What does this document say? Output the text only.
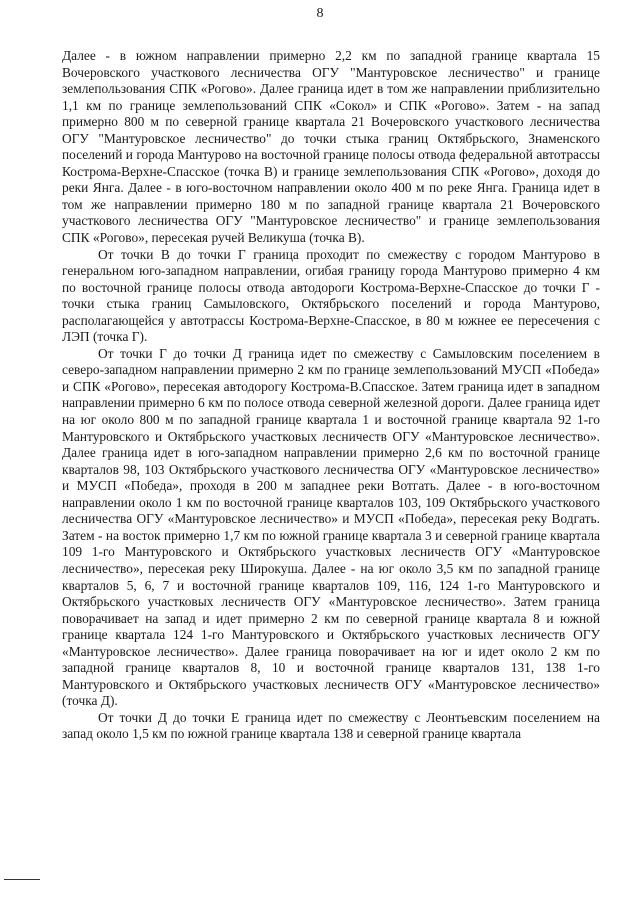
8

Далее - в южном направлении примерно 2,2 км по западной границе квартала 15 Вочеровского участкового лесничества ОГУ "Мантуровское лесничество" и границе землепользования СПК «Рогово». Далее граница идет в том же направлении приблизительно 1,1 км по границе землепользований СПК «Сокол» и СПК «Рогово». Затем - на запад примерно 800 м по северной границе квартала 21 Вочеровского участкового лесничества ОГУ "Мантуровское лесничество" до точки стыка границ Октябрьского, Знаменского поселений и города Мантурово на восточной границе полосы отвода федеральной автотрассы Кострома-Верхне-Спасское (точка В) и границе землепользования СПК «Рогово», доходя до реки Янга. Далее - в юго-восточном направлении около 400 м по реке Янга. Граница идет в том же направлении примерно 180 м по западной границе квартала 21 Вочеровского участкового лесничества ОГУ "Мантуровское лесничество" и границе землепользования СПК «Рогово», пересекая ручей Великуша (точка В).

От точки В до точки Г граница проходит по смежеству с городом Мантурово в генеральном юго-западном направлении, огибая границу города Мантурово примерно 4 км по восточной границе полосы отвода автодороги Кострома-Верхне-Спасское до точки Г - точки стыка границ Самыловского, Октябрьского поселений и города Мантурово, располагающейся у автотрассы Кострома-Верхне-Спасское, в 80 м южнее ее пересечения с ЛЭП (точка Г).

От точки Г до точки Д граница идет по смежеству с Самыловским поселением в северо-западном направлении примерно 2 км по границе землепользований МУСП «Победа» и СПК «Рогово», пересекая автодорогу Кострома-В.Спасское. Затем граница идет в западном направлении примерно 6 км по полосе отвода северной железной дороги. Далее граница идет на юг около 800 м по западной границе квартала 1 и восточной границе квартала 92 1-го Мантуровского и Октябрьского участковых лесничеств ОГУ «Мантуровское лесничество». Далее граница идет в юго-западном направлении примерно 2,6 км по восточной границе кварталов 98, 103 Октябрьского участкового лесничества ОГУ «Мантуровское лесничество» и МУСП «Победа», проходя в 200 м западнее реки Вотгать. Далее - в юго-восточном направлении около 1 км по восточной границе кварталов 103, 109 Октябрьского участкового лесничества ОГУ «Мантуровское лесничество» и МУСП «Победа», пересекая реку Водгать. Затем - на восток примерно 1,7 км по южной границе квартала 3 и северной границе квартала 109 1-го Мантуровского и Октябрьского участковых лесничеств ОГУ «Мантуровское лесничество», пересекая реку Широкуша. Далее - на юг около 3,5 км по западной границе кварталов 5, 6, 7 и восточной границе кварталов 109, 116, 124 1-го Мантуровского и Октябрьского участковых лесничеств ОГУ «Мантуровское лесничество». Затем граница поворачивает на запад и идет примерно 2 км по северной границе квартала 8 и южной границе квартала 124 1-го Мантуровского и Октябрьского участковых лесничеств ОГУ «Мантуровское лесничество». Далее граница поворачивает на юг и идет около 2 км по западной границе кварталов 8, 10 и восточной границе кварталов 131, 138 1-го Мантуровского и Октябрьского участковых лесничеств ОГУ «Мантуровское лесничество» (точка Д).

От точки Д до точки Е граница идет по смежеству с Леонтьевским поселением на запад около 1,5 км по южной границе квартала 138 и северной границе квартала
